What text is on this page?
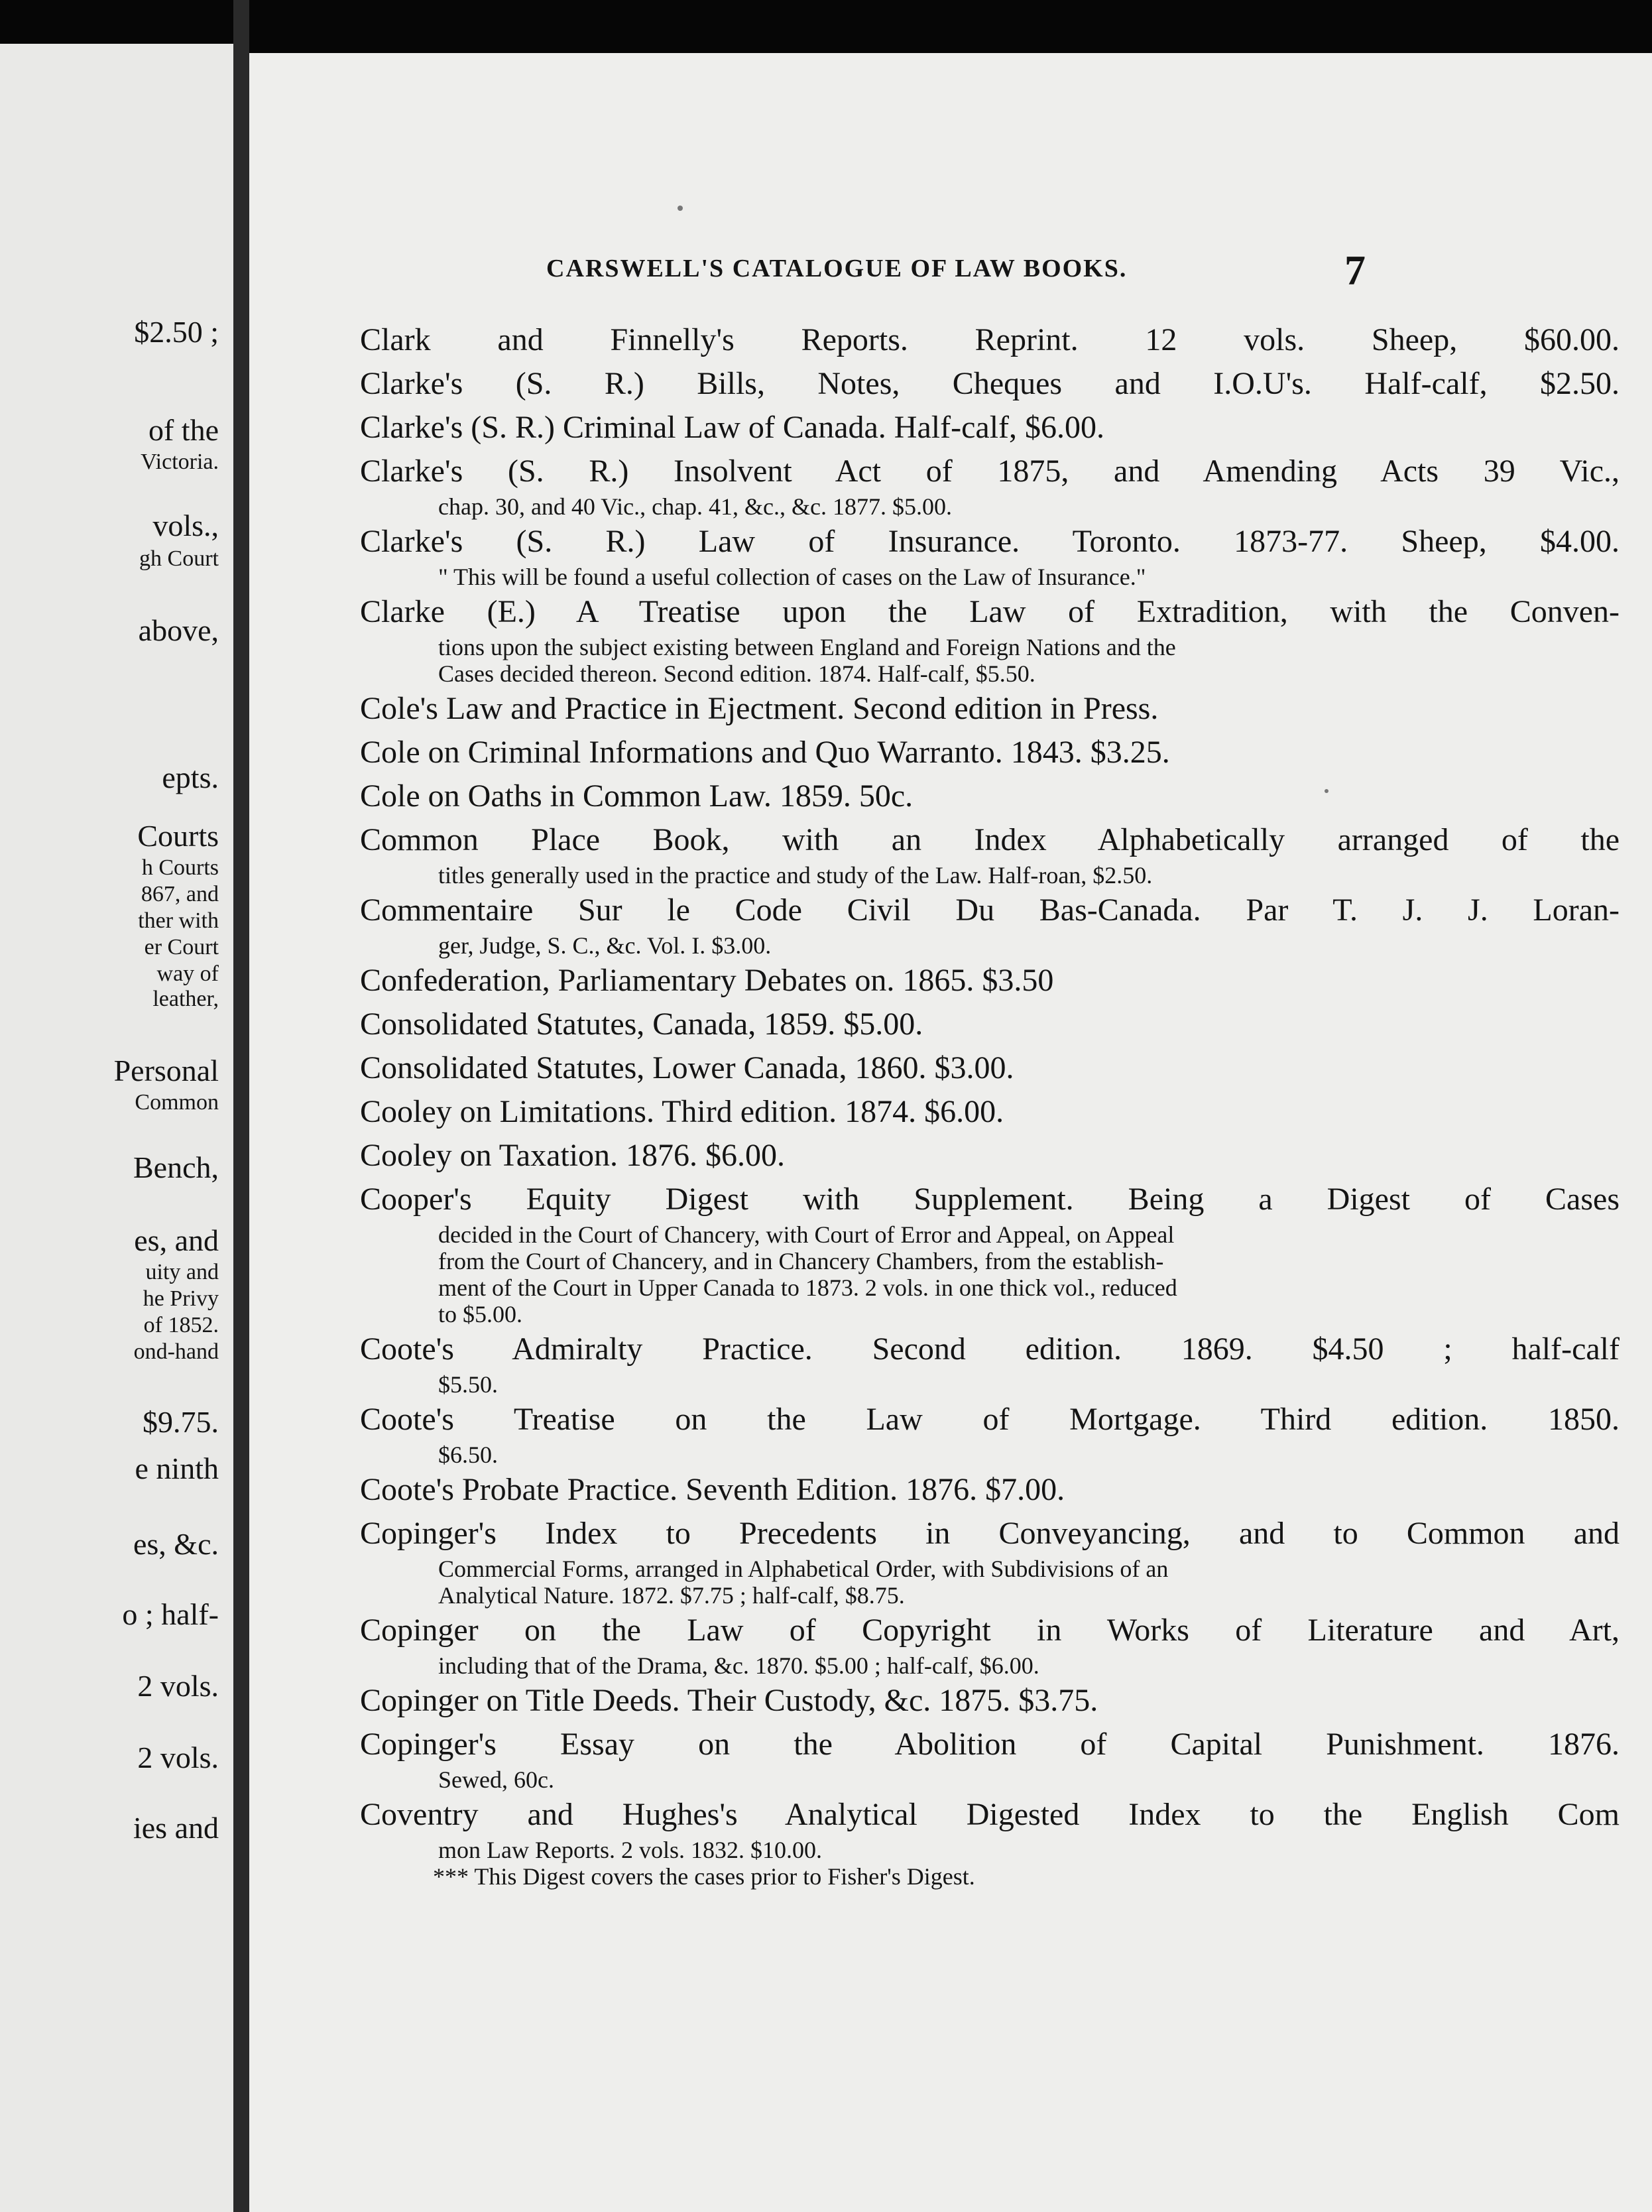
$2.50 ;
of the
Victoria.
vols.,
gh Court
above,
epts.
Courts
h Courts
867, and
ther with
er Court
way of
leather,
Personal
Common
Bench,
es, and
uity and
he Privy
of 1852.
ond-hand
$9.75.
e ninth
es, &c.
o ; half-
2 vols.
2 vols.
ies and
CARSWELL'S CATALOGUE OF LAW BOOKS.	7
Clark and Finnelly's Reports. Reprint. 12 vols. Sheep, $60.00.
Clarke's (S. R.) Bills, Notes, Cheques and I.O.U's. Half-calf, $2.50.
Clarke's (S. R.) Criminal Law of Canada. Half-calf, $6.00.
Clarke's (S. R.) Insolvent Act of 1875, and Amending Acts 39 Vic.,
chap. 30, and 40 Vic., chap. 41, &c., &c. 1877. $5.00.
Clarke's (S. R.) Law of Insurance. Toronto. 1873-77. Sheep, $4.00.
" This will be found a useful collection of cases on the Law of Insurance."
Clarke (E.) A Treatise upon the Law of Extradition, with the Conven-
tions upon the subject existing between England and Foreign Nations and the
Cases decided thereon. Second edition. 1874. Half-calf, $5.50.
Cole's Law and Practice in Ejectment. Second edition in Press.
Cole on Criminal Informations and Quo Warranto. 1843. $3.25.
Cole on Oaths in Common Law. 1859. 50c.
Common Place Book, with an Index Alphabetically arranged of the
titles generally used in the practice and study of the Law. Half-roan, $2.50.
Commentaire Sur le Code Civil Du Bas-Canada. Par T. J. J. Loran-
ger, Judge, S. C., &c. Vol. I. $3.00.
Confederation, Parliamentary Debates on. 1865. $3.50
Consolidated Statutes, Canada, 1859. $5.00.
Consolidated Statutes, Lower Canada, 1860. $3.00.
Cooley on Limitations. Third edition. 1874. $6.00.
Cooley on Taxation. 1876. $6.00.
Cooper's Equity Digest with Supplement. Being a Digest of Cases
decided in the Court of Chancery, with Court of Error and Appeal, on Appeal
from the Court of Chancery, and in Chancery Chambers, from the establish-
ment of the Court in Upper Canada to 1873. 2 vols. in one thick vol., reduced
to $5.00.
Coote's Admiralty Practice. Second edition. 1869. $4.50 ; half-calf
$5.50.
Coote's Treatise on the Law of Mortgage. Third edition. 1850.
$6.50.
Coote's Probate Practice. Seventh Edition. 1876. $7.00.
Copinger's Index to Precedents in Conveyancing, and to Common and
Commercial Forms, arranged in Alphabetical Order, with Subdivisions of an
Analytical Nature. 1872. $7.75 ; half-calf, $8.75.
Copinger on the Law of Copyright in Works of Literature and Art,
including that of the Drama, &c. 1870. $5.00 ; half-calf, $6.00.
Copinger on Title Deeds. Their Custody, &c. 1875. $3.75.
Copinger's Essay on the Abolition of Capital Punishment. 1876.
Sewed, 60c.
Coventry and Hughes's Analytical Digested Index to the English Com
mon Law Reports. 2 vols. 1832. $10.00.
*** This Digest covers the cases prior to Fisher's Digest.
